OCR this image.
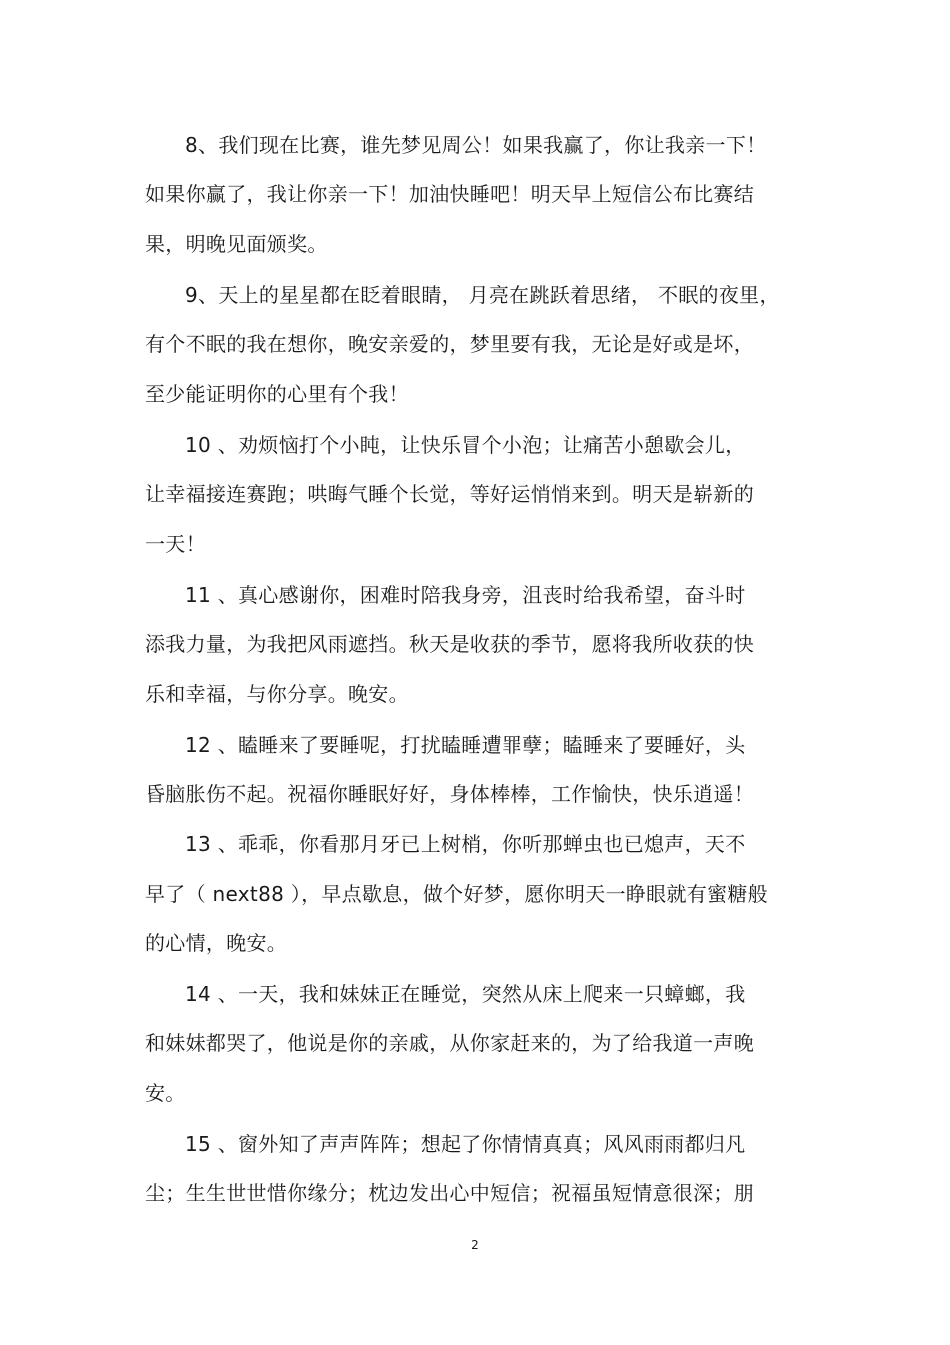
8、我们现在比赛，谁先梦见周公！如果我赢了，你让我亲一下！
如果你赢了，我让你亲一下！加油快睡吧！明天早上短信公布比赛结
果，明晚见面颁奖。
9、天上的星星都在眨着眼睛， 月亮在跳跃着思绪， 不眠的夜里，
有个不眠的我在想你，晚安亲爱的，梦里要有我，无论是好或是坏，
至少能证明你的心里有个我！
10 、劝烦恼打个小盹，让快乐冒个小泡；让痛苦小憩歇会儿，
让幸福接连赛跑；哄晦气睡个长觉，等好运悄悄来到。明天是崭新的
一天！
11 、真心感谢你，困难时陪我身旁，沮丧时给我希望，奋斗时
添我力量，为我把风雨遮挡。秋天是收获的季节，愿将我所收获的快
乐和幸福，与你分享。晚安。
12 、瞌睡来了要睡呢，打扰瞌睡遭罪孽；瞌睡来了要睡好，头
昏脑胀伤不起。祝福你睡眠好好，身体棒棒，工作愉快，快乐逍遥！
13 、乖乖，你看那月牙已上树梢，你听那蝉虫也已熄声，天不
早了（ next88 ），早点歇息，做个好梦，愿你明天一睁眼就有蜜糖般
的心情，晚安。
14 、一天，我和妹妹正在睡觉，突然从床上爬来一只蟑螂，我
和妹妹都哭了，他说是你的亲戚，从你家赶来的，为了给我道一声晚
安。
15 、窗外知了声声阵阵；想起了你情情真真；风风雨雨都归凡
尘；生生世世惜你缘分；枕边发出心中短信；祝福虽短情意很深；朋
2
